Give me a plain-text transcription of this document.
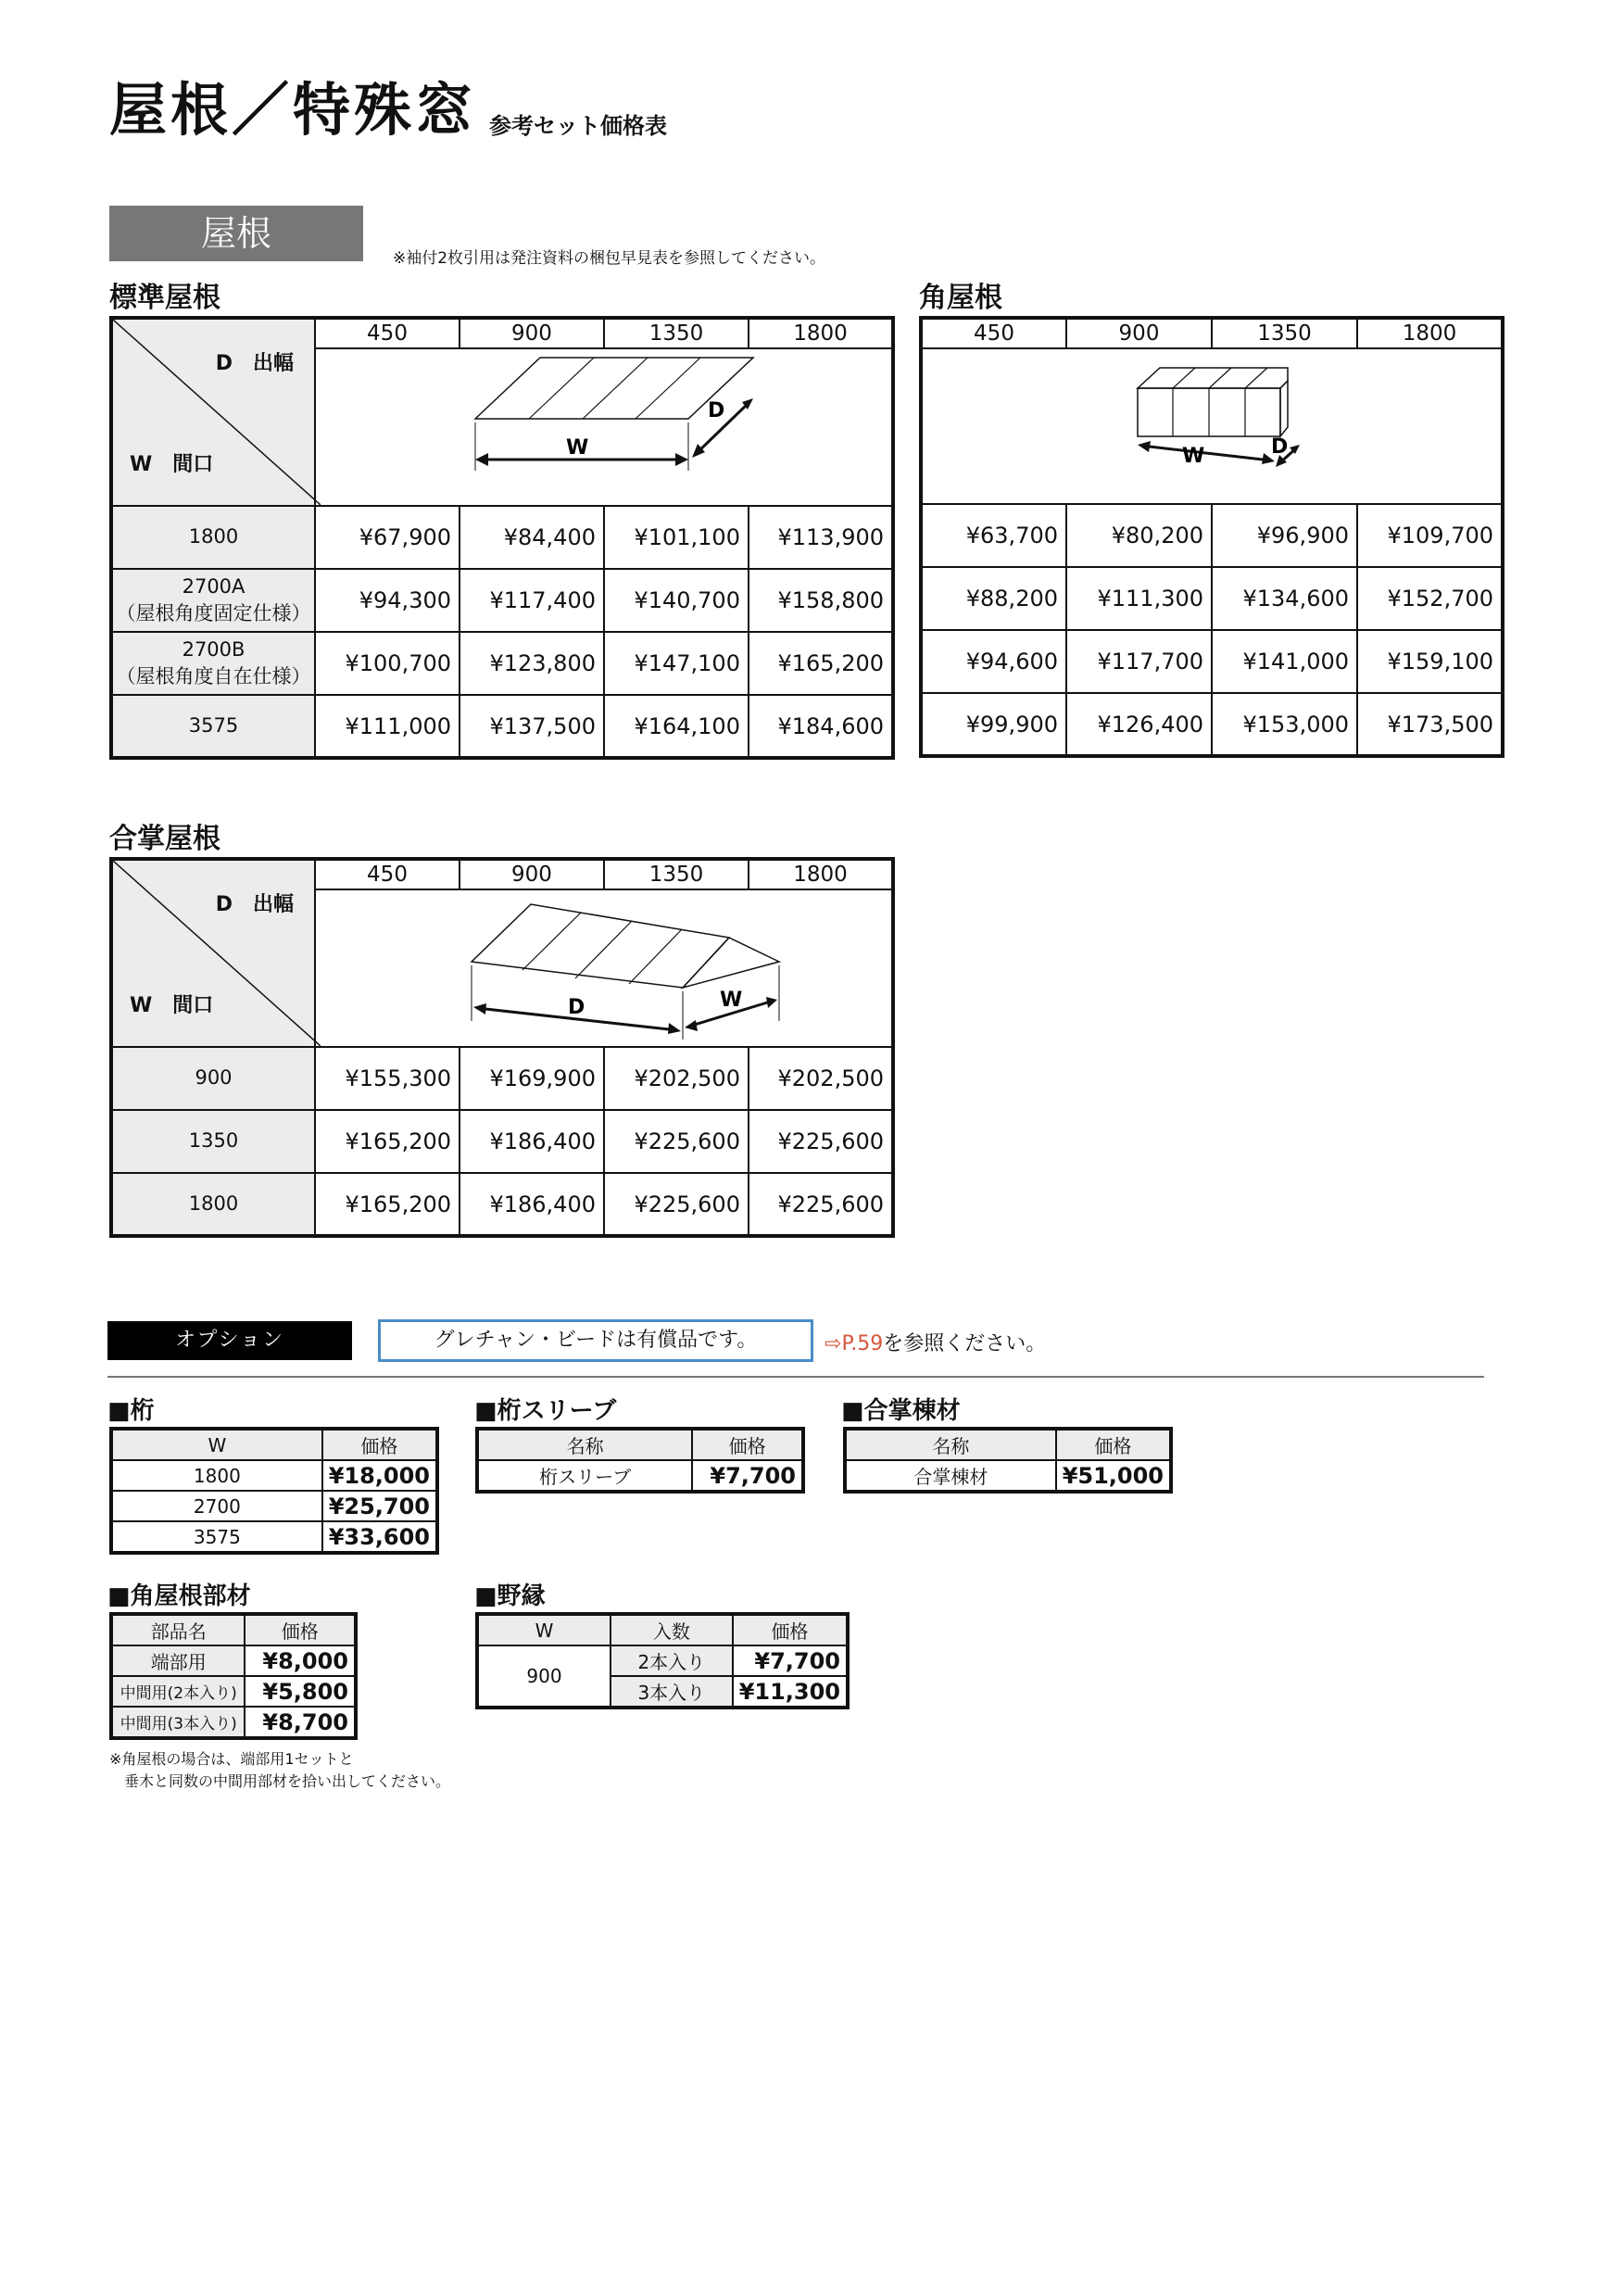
屋根／特殊窓 参考セット価格表
屋根
※袖付2枚引用は発注資料の梱包早見表を参照してください。
標準屋根
D　出幅
W　間口	450	900	1350	1800

W
D			

1800	¥67,900	¥84,400	¥101,100	¥113,900
2700A
（屋根角度固定仕様）	¥94,300	¥117,400	¥140,700	¥158,800
2700B
（屋根角度自在仕様）	¥100,700	¥123,800	¥147,100	¥165,200
3575	¥111,000	¥137,500	¥164,100	¥184,600
角屋根
450	900	1350	1800

W D			

¥63,700	¥80,200	¥96,900	¥109,700
¥88,200	¥111,300	¥134,600	¥152,700
¥94,600	¥117,700	¥141,000	¥159,100
¥99,900	¥126,400	¥153,000	¥173,500
合掌屋根
D　出幅
W　間口	450	900	1350	1800

D W			

900	¥155,300	¥169,900	¥202,500	¥202,500
1350	¥165,200	¥186,400	¥225,600	¥225,600
1800	¥165,200	¥186,400	¥225,600	¥225,600
オプション	グレチャン・ビードは有償品です。	⇨P.59を参照ください。
■桁
W	価格
1800	¥18,000
2700	¥25,700
3575	¥33,600
■桁スリーブ
名称	価格
桁スリーブ	¥7,700
■合掌棟材
名称	価格
合掌棟材	¥51,000
■角屋根部材
部品名	価格
端部用	¥8,000
中間用(2本入り)	¥5,800
中間用(3本入り)	¥8,700
※角屋根の場合は、端部用1セットと
　垂木と同数の中間用部材を拾い出してください。
■野縁
W	入数	価格
900	2本入り	¥7,700
	3本入り	¥11,300
